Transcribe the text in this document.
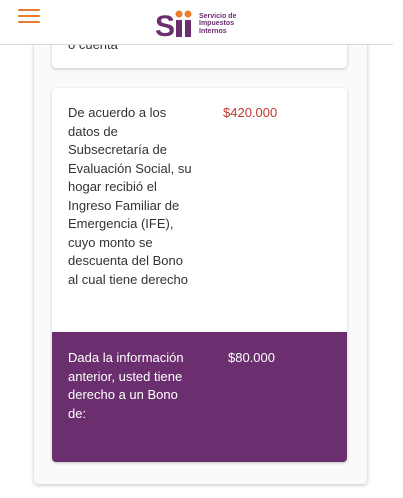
S	Servicio de
Impuestos
Internos
De acuerdo a los datos de Subsecretaría de Evaluación Social, su hogar recibió el Ingreso Familiar de Emergencia (IFE), cuyo monto se descuenta del Bono al cual tiene derecho
$420.000
Dada la información anterior, usted tiene derecho a un Bono de:
$80.000
